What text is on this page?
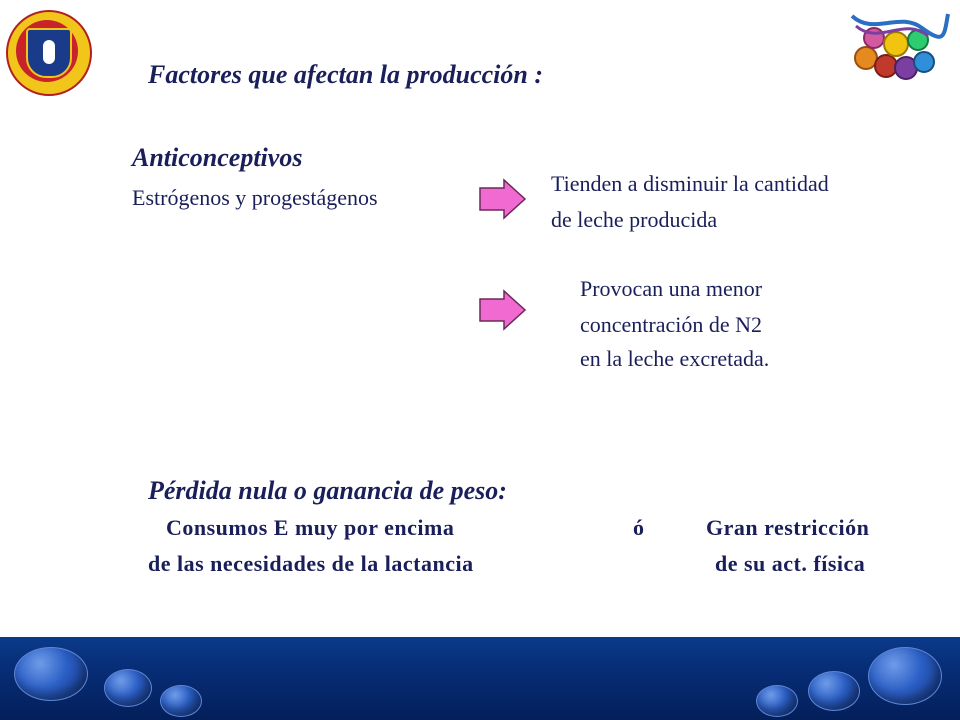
Factores que afectan la producción :
Anticonceptivos
Estrógenos y progestágenos
Tienden a disminuir la cantidad
de leche producida
Provocan una menor
concentración de N2
en la leche excretada.
Pérdida nula o ganancia de peso:
Consumos E muy por encima
de las necesidades de la lactancia
ó	Gran restricción
de su act. física
